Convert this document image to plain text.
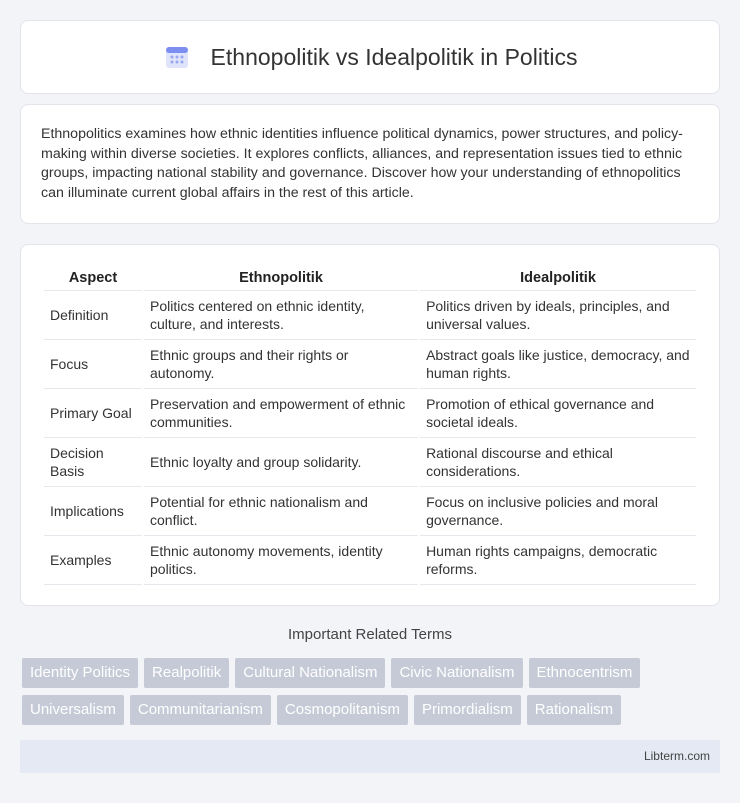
Ethnopolitik vs Idealpolitik in Politics

Ethnopolitics examines how ethnic identities influence political dynamics, power structures, and policy-making within diverse societies. It explores conflicts, alliances, and representation issues tied to ethnic groups, impacting national stability and governance. Discover how your understanding of ethnopolitics can illuminate current global affairs in the rest of this article.

Aspect	Ethnopolitik	Idealpolitik
Definition	Politics centered on ethnic identity, culture, and interests.	Politics driven by ideals, principles, and universal values.
Focus	Ethnic groups and their rights or autonomy.	Abstract goals like justice, democracy, and human rights.
Primary Goal	Preservation and empowerment of ethnic communities.	Promotion of ethical governance and societal ideals.
Decision Basis	Ethnic loyalty and group solidarity.	Rational discourse and ethical considerations.
Implications	Potential for ethnic nationalism and conflict.	Focus on inclusive policies and moral governance.
Examples	Ethnic autonomy movements, identity politics.	Human rights campaigns, democratic reforms.
Important Related Terms
Identity Politics	Realpolitik	Cultural Nationalism	Civic Nationalism	Ethnocentrism
Universalism	Communitarianism	Cosmopolitanism	Primordialism	Rationalism
Libterm.com
